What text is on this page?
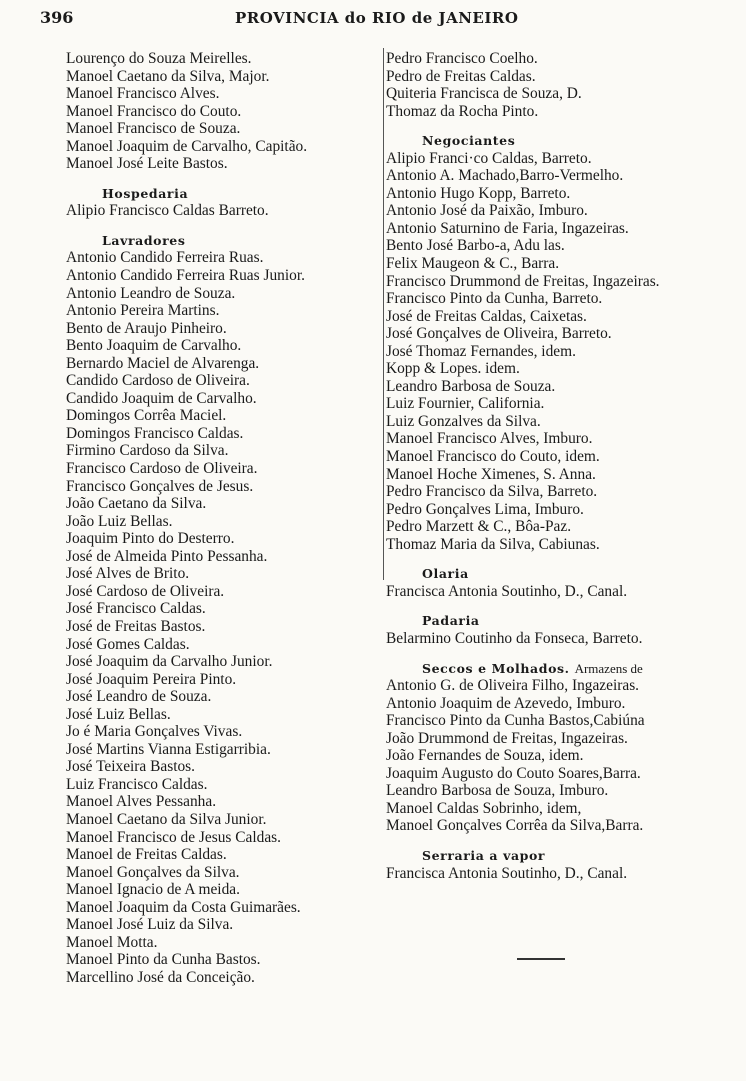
396	PROVINCIA do RIO de JANEIRO
Lourenço do Souza Meirelles.
Manoel Caetano da Silva, Major.
Manoel Francisco Alves.
Manoel Francisco do Couto.
Manoel Francisco de Souza.
Manoel Joaquim de Carvalho, Capitão.
Manoel José Leite Bastos.
Hospedaria
Alipio Francisco Caldas Barreto.
Lavradores
Antonio Candido Ferreira Ruas.
Antonio Candido Ferreira Ruas Junior.
Antonio Leandro de Souza.
Antonio Pereira Martins.
Bento de Araujo Pinheiro.
Bento Joaquim de Carvalho.
Bernardo Maciel de Alvarenga.
Candido Cardoso de Oliveira.
Candido Joaquim de Carvalho.
Domingos Corrêa Maciel.
Domingos Francisco Caldas.
Firmino Cardoso da Silva.
Francisco Cardoso de Oliveira.
Francisco Gonçalves de Jesus.
João Caetano da Silva.
João Luiz Bellas.
Joaquim Pinto do Desterro.
José de Almeida Pinto Pessanha.
José Alves de Brito.
José Cardoso de Oliveira.
José Francisco Caldas.
José de Freitas Bastos.
José Gomes Caldas.
José Joaquim da Carvalho Junior.
José Joaquim Pereira Pinto.
José Leandro de Souza.
José Luiz Bellas.
Jo é Maria Gonçalves Vivas.
José Martins Vianna Estigarribia.
José Teixeira Bastos.
Luiz Francisco Caldas.
Manoel Alves Pessanha.
Manoel Caetano da Silva Junior.
Manoel Francisco de Jesus Caldas.
Manoel de Freitas Caldas.
Manoel Gonçalves da Silva.
Manoel Ignacio de A meida.
Manoel Joaquim da Costa Guimarães.
Manoel José Luiz da Silva.
Manoel Motta.
Manoel Pinto da Cunha Bastos.
Marcellino José da Conceição.
Pedro Francisco Coelho.
Pedro de Freitas Caldas.
Quiteria Francisca de Souza, D.
Thomaz da Rocha Pinto.
Negociantes
Alipio Franci·co Caldas, Barreto.
Antonio A. Machado,Barro-Vermelho.
Antonio Hugo Kopp, Barreto.
Antonio José da Paixão, Imburo.
Antonio Saturnino de Faria, Ingazeiras.
Bento José Barbo-a, Adu las.
Felix Maugeon & C., Barra.
Francisco Drummond de Freitas, Ingazeiras.
Francisco Pinto da Cunha, Barreto.
José de Freitas Caldas, Caixetas.
José Gonçalves de Oliveira, Barreto.
José Thomaz Fernandes, idem.
Kopp & Lopes. idem.
Leandro Barbosa de Souza.
Luiz Fournier, California.
Luiz Gonzalves da Silva.
Manoel Francisco Alves, Imburo.
Manoel Francisco do Couto, idem.
Manoel Hoche Ximenes, S. Anna.
Pedro Francisco da Silva, Barreto.
Pedro Gonçalves Lima, Imburo.
Pedro Marzett & C., Bôa-Paz.
Thomaz Maria da Silva, Cabiunas.
Olaria
Francisca Antonia Soutinho, D., Canal.
Padaria
Belarmino Coutinho da Fonseca, Barreto.
Seccos e Molhados. Armazens de
Antonio G. de Oliveira Filho, Ingazeiras.
Antonio Joaquim de Azevedo, Imburo.
Francisco Pinto da Cunha Bastos,Cabiúna
João Drummond de Freitas, Ingazeiras.
João Fernandes de Souza, idem.
Joaquim Augusto do Couto Soares,Barra.
Leandro Barbosa de Souza, Imburo.
Manoel Caldas Sobrinho, idem,
Manoel Gonçalves Corrêa da Silva,Barra.
Serraria a vapor
Francisca Antonia Soutinho, D., Canal.
